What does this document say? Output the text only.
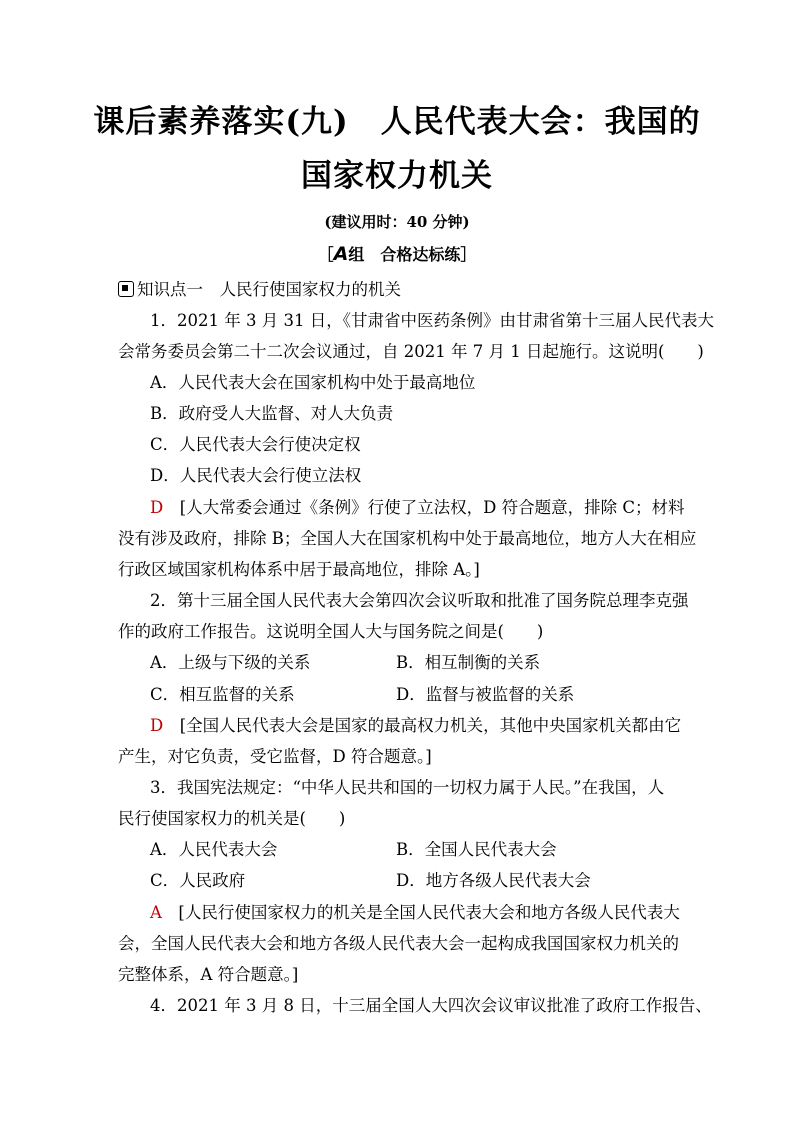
课后素养落实(九)　人民代表大会：我国的
国家权力机关
(建议用时：40 分钟)
［A组　合格达标练］
知识点一　人民行使国家权力的机关
1．2021 年 3 月 31 日，《甘肃省中医药条例》由甘肃省第十三届人民代表大
会常务委员会第二十二次会议通过，自 2021 年 7 月 1 日起施行。这说明(　　)
A．人民代表大会在国家机构中处于最高地位
B．政府受人大监督、对人大负责
C．人民代表大会行使决定权
D．人民代表大会行使立法权
D　[人大常委会通过《条例》行使了立法权，D 符合题意，排除 C；材料
没有涉及政府，排除 B；全国人大在国家机构中处于最高地位，地方人大在相应
行政区域国家机构体系中居于最高地位，排除 A。]
2．第十三届全国人民代表大会第四次会议听取和批准了国务院总理李克强
作的政府工作报告。这说明全国人大与国务院之间是(　　)
A．上级与下级的关系	B．相互制衡的关系
C．相互监督的关系	D．监督与被监督的关系
D　[全国人民代表大会是国家的最高权力机关，其他中央国家机关都由它
产生，对它负责，受它监督，D 符合题意。]
3．我国宪法规定：“中华人民共和国的一切权力属于人民。”在我国，人
民行使国家权力的机关是(　　)
A．人民代表大会	B．全国人民代表大会
C．人民政府	D．地方各级人民代表大会
A　[人民行使国家权力的机关是全国人民代表大会和地方各级人民代表大
会，全国人民代表大会和地方各级人民代表大会一起构成我国国家权力机关的
完整体系，A 符合题意。]
4．2021 年 3 月 8 日，十三届全国人大四次会议审议批准了政府工作报告、
